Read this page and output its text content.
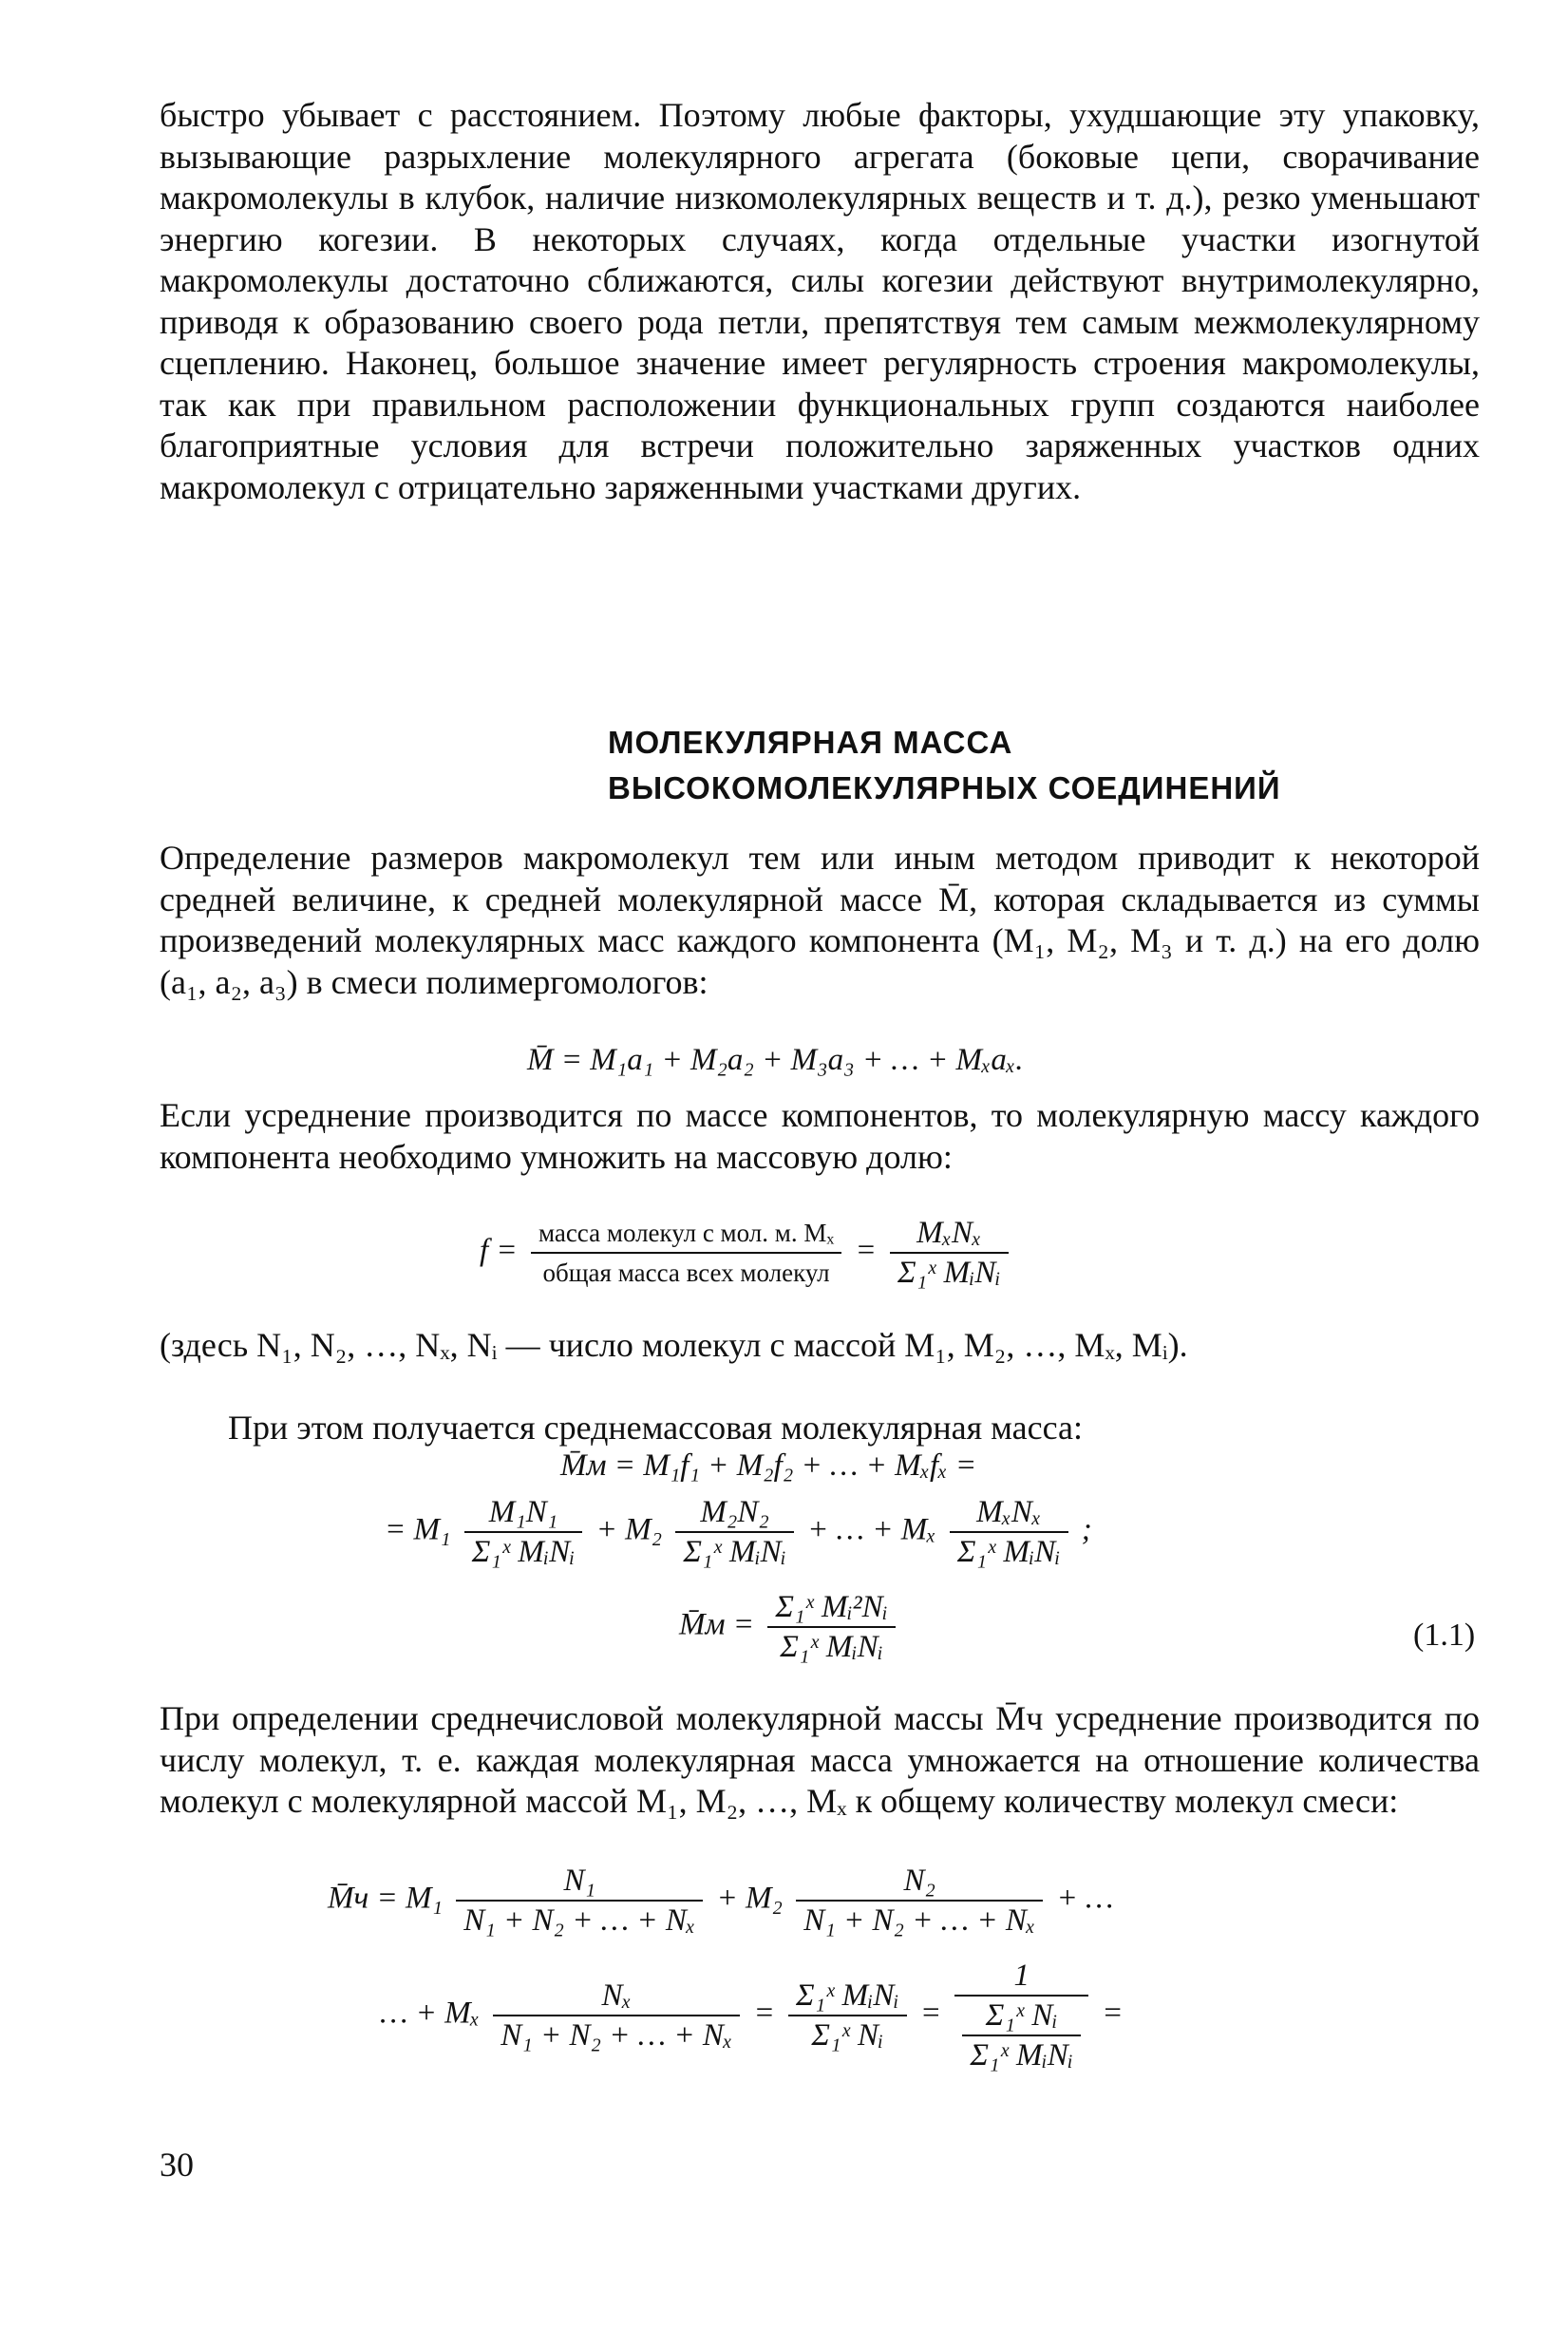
быстро убывает с расстоянием. Поэтому любые факторы, ухудшающие эту упаковку, вызывающие разрыхление молекулярного агрегата (боковые цепи, сворачивание макромолекулы в клубок, наличие низкомолекулярных веществ и т. д.), резко уменьшают энергию когезии. В некоторых случаях, когда отдельные участки изогнутой макромолекулы достаточно сближаются, силы когезии действуют внутримолекулярно, приводя к образованию своего рода петли, препятствуя тем самым межмолекулярному сцеплению. Наконец, большое значение имеет регулярность строения макромолекулы, так как при правильном расположении функциональных групп создаются наиболее благоприятные условия для встречи положительно заряженных участков одних макромолекул с отрицательно заряженными участками других.
МОЛЕКУЛЯРНАЯ МАССА
ВЫСОКОМОЛЕКУЛЯРНЫХ СОЕДИНЕНИЙ
Определение размеров макромолекул тем или иным методом приводит к некоторой средней величине, к средней молекулярной массе M̄, которая складывается из суммы произведений молекулярных масс каждого компонента (M₁, M₂, M₃ и т. д.) на его долю (a₁, a₂, a₃) в смеси полимергомологов:
M̄ = M₁a₁ + M₂a₂ + M₃a₃ + … + Mₓaₓ.
Если усреднение производится по массе компонентов, то молекулярную массу каждого компонента необходимо умножить на массовую долю:
$f = \frac{\text{масса молекул с мол. м. Mₓ}}{\text{общая масса всех молекул}} = \frac{\text{MₓNₓ}}{\text{Σ₁ˣ MᵢNᵢ}}$
(здесь N₁, N₂, …, Nₓ, Nᵢ — число молекул с массой M₁, M₂, …, Mₓ, Mᵢ).
При этом получается среднемассовая молекулярная масса:
M̄м = M₁f₁ + M₂f₂ + … + Mₓfₓ =
= $M_1 \frac{\text{M₁N₁}}{\text{Σ₁ˣ MᵢNᵢ}} + M_2 \frac{\text{M₂N₂}}{\text{Σ₁ˣ MᵢNᵢ}}$ + … + Mₓ $\frac{\text{MₓNₓ}}{\text{Σ₁ˣ MᵢNᵢ}}$ ;
M̄м = $\frac{\text{Σ₁ˣ Mᵢ²Nᵢ}}{\text{Σ₁ˣ MᵢNᵢ}}$	(1.1)
При определении среднечисловой молекулярной массы M̄ч усреднение производится по числу молекул, т. е. каждая молекулярная масса умножается на отношение количества молекул с молекулярной массой M₁, M₂, …, Mₓ к общему количеству молекул смеси:
M̄ч = $M_1 \frac{\text{N₁}}{\text{N₁ + N₂ + … + Nₓ}} + M_2 \frac{\text{N₂}}{\text{N₁ + N₂ + … + Nₓ}}$ + …
… + Mₓ $\frac{\text{Nₓ}}{\text{N₁ + N₂ + … + Nₓ}} = \frac{\text{Σ₁ˣ MᵢNᵢ}}{\text{Σ₁ˣ Nᵢ}} = \frac{1}{\frac{\text{Σ₁ˣ Nᵢ}}{\text{Σ₁ˣ MᵢNᵢ}}}$ =
30
